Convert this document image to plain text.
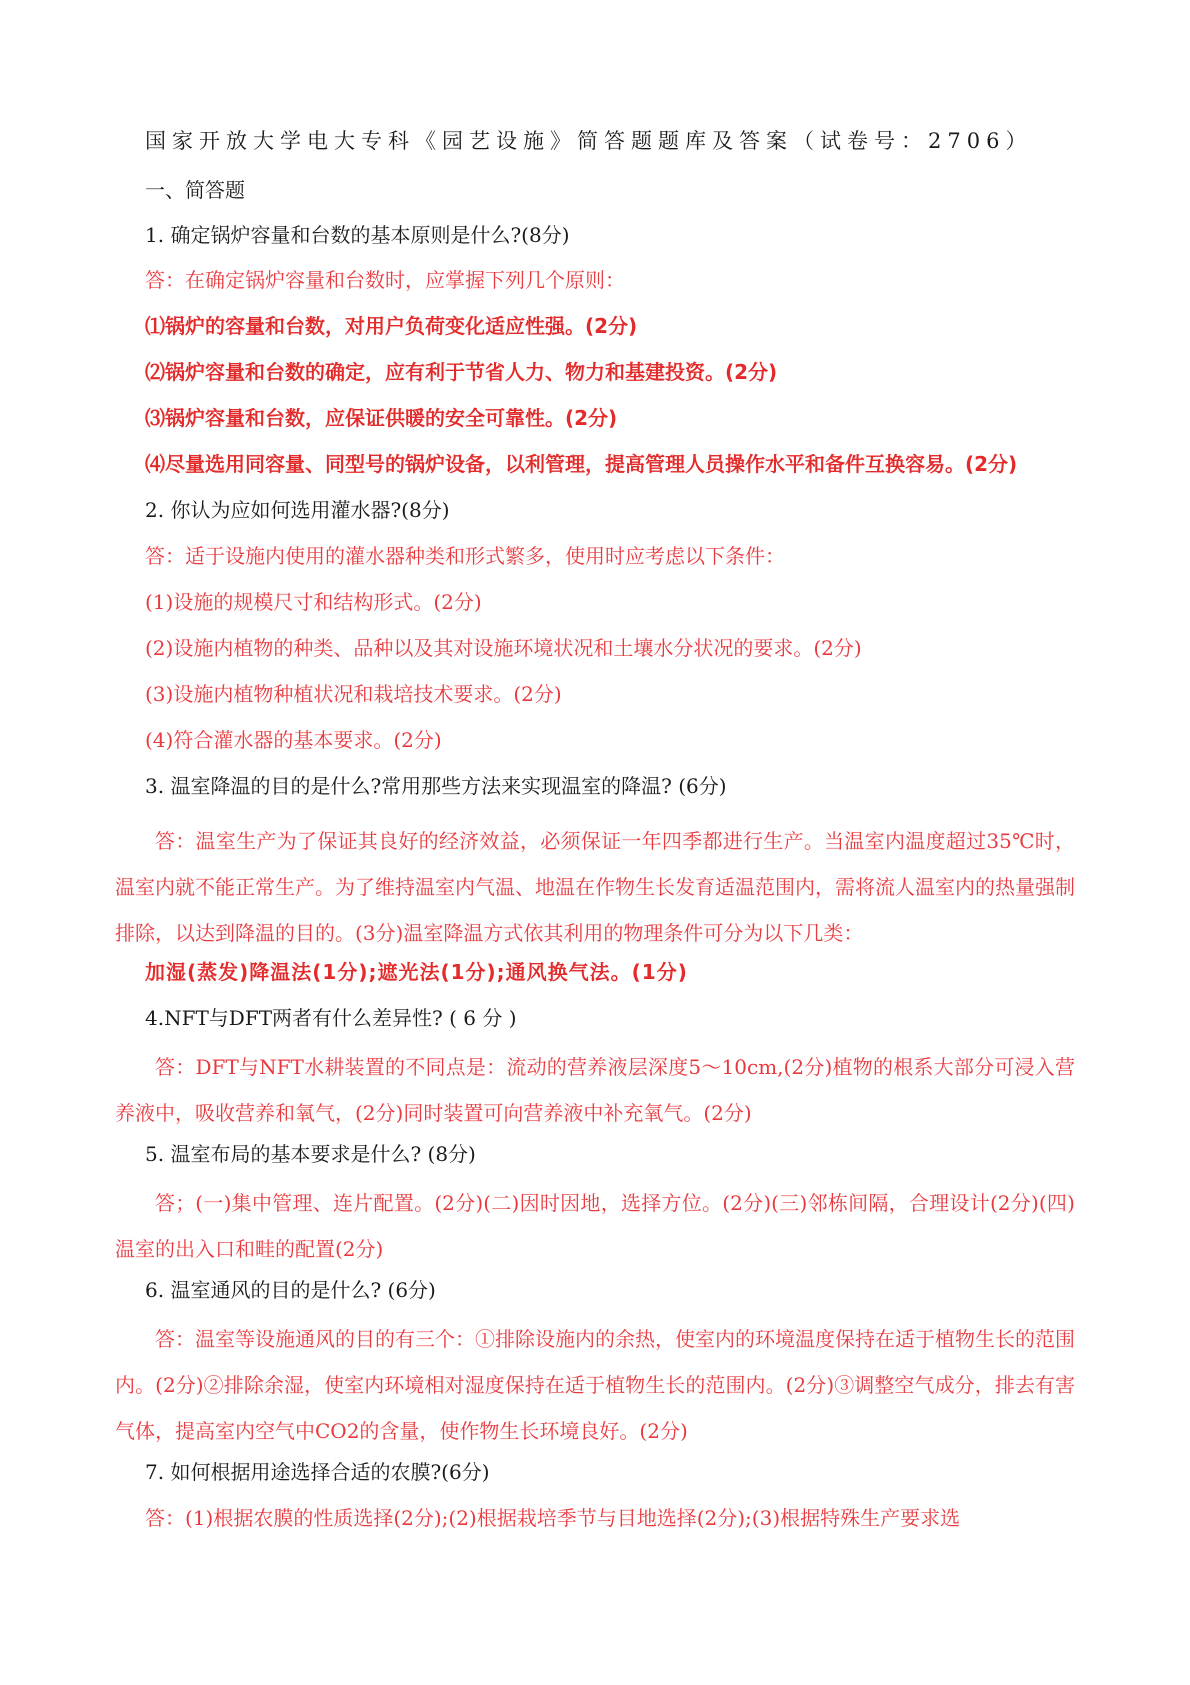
国家开放大学电大专科《园艺设施》简答题题库及答案（试卷号：2706）
一、简答题
1. 确定锅炉容量和台数的基本原则是什么?(8分)
答：在确定锅炉容量和台数时，应掌握下列几个原则：
⑴锅炉的容量和台数，对用户负荷变化适应性强。(2分)
⑵锅炉容量和台数的确定，应有利于节省人力、物力和基建投资。(2分)
⑶锅炉容量和台数，应保证供暖的安全可靠性。(2分)
⑷尽量选用同容量、同型号的锅炉设备，以利管理，提高管理人员操作水平和备件互换容易。(2分)
2. 你认为应如何选用灌水器?(8分)
答：适于设施内使用的灌水器种类和形式繁多，使用时应考虑以下条件：
(1)设施的规模尺寸和结构形式。(2分)
(2)设施内植物的种类、品种以及其对设施环境状况和土壤水分状况的要求。(2分)
(3)设施内植物种植状况和栽培技术要求。(2分)
(4)符合灌水器的基本要求。(2分)
3. 温室降温的目的是什么?常用那些方法来实现温室的降温? (6分)
答：温室生产为了保证其良好的经济效益，必须保证一年四季都进行生产。当温室内温度超过35℃时，温室内就不能正常生产。为了维持温室内气温、地温在作物生长发育适温范围内，需将流人温室内的热量强制排除，以达到降温的目的。(3分)温室降温方式依其利用的物理条件可分为以下几类：
加湿(蒸发)降温法(1分);遮光法(1分);通风换气法。(1分)
4.NFT与DFT两者有什么差异性? ( 6 分 )
答：DFT与NFT水耕装置的不同点是：流动的营养液层深度5～10cm,(2分)植物的根系大部分可浸入营养液中，吸收营养和氧气，(2分)同时装置可向营养液中补充氧气。(2分)
5. 温室布局的基本要求是什么? (8分)
答；(一)集中管理、连片配置。(2分)(二)因时因地，选择方位。(2分)(三)邻栋间隔，合理设计(2分)(四)温室的出入口和畦的配置(2分)
6. 温室通风的目的是什么? (6分)
答：温室等设施通风的目的有三个：①排除设施内的余热，使室内的环境温度保持在适于植物生长的范围内。(2分)②排除余湿，使室内环境相对湿度保持在适于植物生长的范围内。(2分)③调整空气成分，排去有害气体，提高室内空气中CO2的含量，使作物生长环境良好。(2分)
7. 如何根据用途选择合适的农膜?(6分)
答：(1)根据农膜的性质选择(2分);(2)根据栽培季节与目地选择(2分);(3)根据特殊生产要求选
